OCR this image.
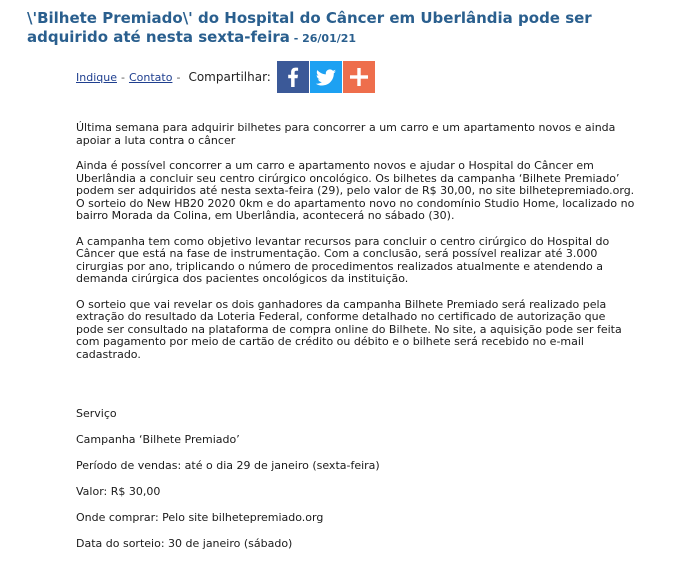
\'Bilhete Premiado\' do Hospital do Câncer em Uberlândia pode ser adquirido até nesta sexta-feira - 26/01/21
Indique - Contato - Compartilhar:

Última semana para adquirir bilhetes para concorrer a um carro e um apartamento novos e ainda apoiar a luta contra o câncer

Ainda é possível concorrer a um carro e apartamento novos e ajudar o Hospital do Câncer em Uberlândia a concluir seu centro cirúrgico oncológico. Os bilhetes da campanha ‘Bilhete Premiado’ podem ser adquiridos até nesta sexta-feira (29), pelo valor de R$ 30,00, no site bilhetepremiado.org. O sorteio do New HB20 2020 0km e do apartamento novo no condomínio Studio Home, localizado no bairro Morada da Colina, em Uberlândia, acontecerá no sábado (30).

A campanha tem como objetivo levantar recursos para concluir o centro cirúrgico do Hospital do Câncer que está na fase de instrumentação. Com a conclusão, será possível realizar até 3.000 cirurgias por ano, triplicando o número de procedimentos realizados atualmente e atendendo a demanda cirúrgica dos pacientes oncológicos da instituição.

O sorteio que vai revelar os dois ganhadores da campanha Bilhete Premiado será realizado pela extração do resultado da Loteria Federal, conforme detalhado no certificado de autorização que pode ser consultado na plataforma de compra online do Bilhete. No site, a aquisição pode ser feita com pagamento por meio de cartão de crédito ou débito e o bilhete será recebido no e-mail cadastrado.

Serviço

Campanha ‘Bilhete Premiado’

Período de vendas: até o dia 29 de janeiro (sexta-feira)

Valor: R$ 30,00

Onde comprar: Pelo site bilhetepremiado.org

Data do sorteio: 30 de janeiro (sábado)
